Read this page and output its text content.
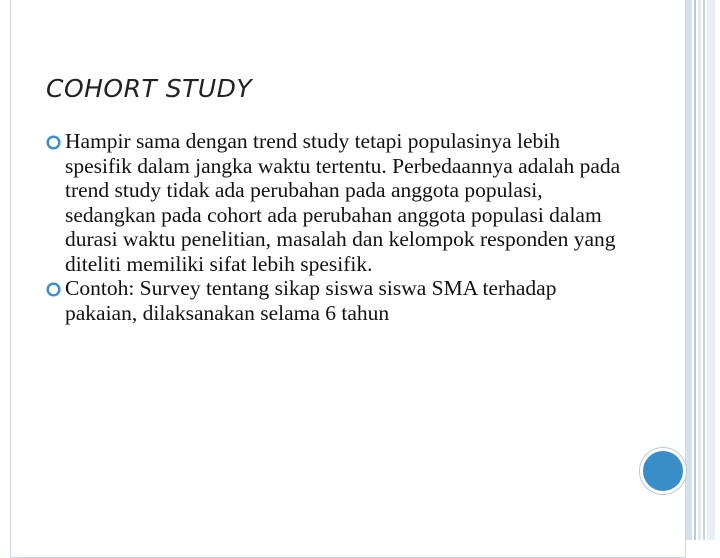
COHORT STUDY
Hampir sama dengan trend study tetapi populasinya lebih spesifik dalam jangka waktu tertentu. Perbedaannya adalah pada trend study tidak ada perubahan pada anggota populasi, sedangkan pada cohort ada perubahan anggota populasi dalam durasi waktu penelitian, masalah dan kelompok responden yang diteliti memiliki sifat lebih spesifik.
Contoh: Survey tentang sikap siswa siswa SMA terhadap pakaian, dilaksanakan selama 6 tahun
